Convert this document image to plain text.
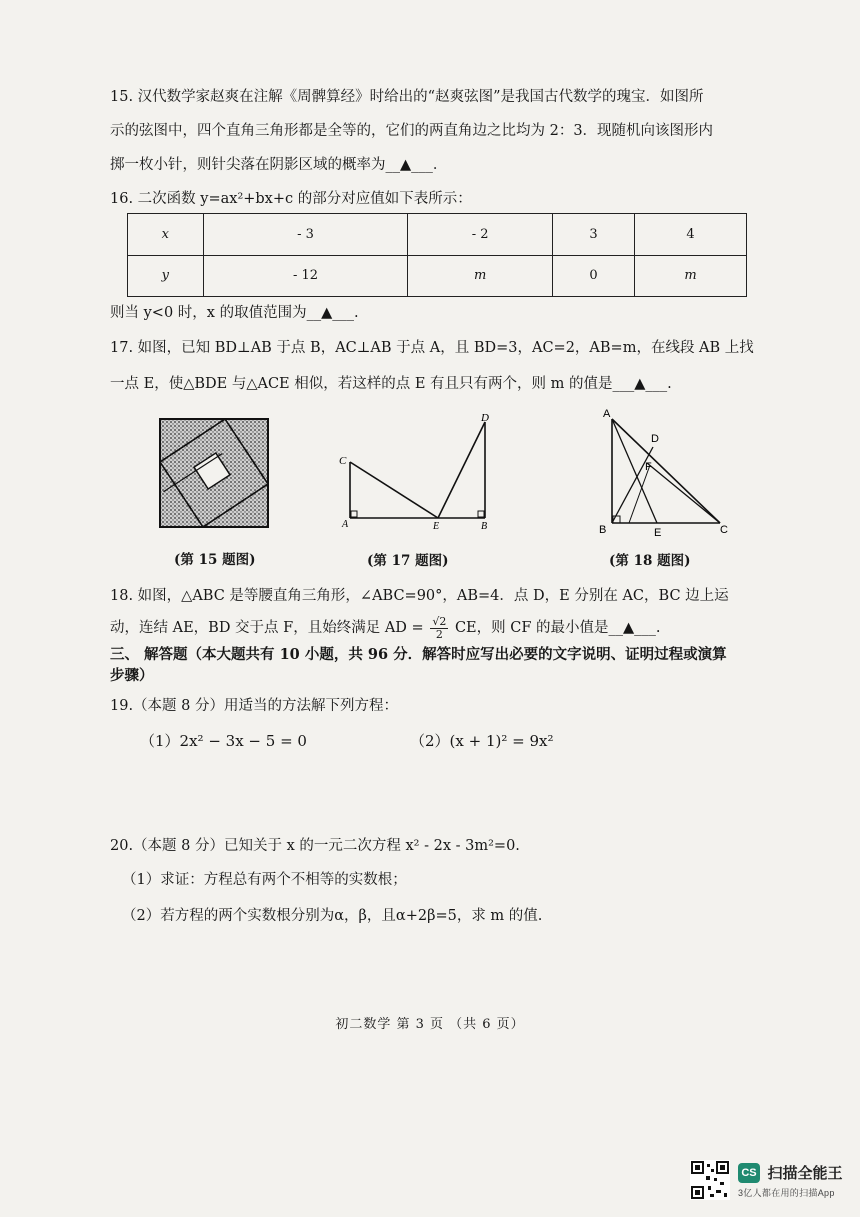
15. 汉代数学家赵爽在注解《周髀算经》时给出的“赵爽弦图”是我国古代数学的瑰宝．如图所
示的弦图中，四个直角三角形都是全等的，它们的两直角边之比均为 2：3．现随机向该图形内
掷一枚小针，则针尖落在阴影区域的概率为__▲___．
16. 二次函数 y=ax²+bx+c 的部分对应值如下表所示：
x	- 3	- 2	3	4
y	- 12	m	0	m
则当 y<0 时，x 的取值范围为__▲___.
17. 如图，已知 BD⊥AB 于点 B，AC⊥AB 于点 A，且 BD=3，AC=2，AB=m，在线段 AB 上找
一点 E，使△BDE 与△ACE 相似，若这样的点 E 有且只有两个，则 m 的值是___▲___.
(第 15 题图)
C
A	E	B
D
(第 17 题图)
A
D
F
B	E	C
(第 18 题图)
18. 如图，△ABC 是等腰直角三角形，∠ABC=90°，AB=4．点 D，E 分别在 AC，BC 边上运
动，连结 AE，BD 交于点 F，且始终满足 AD = $\frac{√2}{2}$ CE，则 CF 的最小值是__▲___.
三、 解答题（本大题共有 10 小题，共 96 分．解答时应写出必要的文字说明、证明过程或演算
步骤）
19.（本题 8 分）用适当的方法解下列方程：
（1）2x² − 3x − 5 = 0	（2）(x + 1)² = 9x²
20.（本题 8 分）已知关于 x 的一元二次方程 x² - 2x - 3m²=0.
（1）求证：方程总有两个不相等的实数根；
（2）若方程的两个实数根分别为α，β，且α+2β=5，求 m 的值.
初二数学 第 3 页 （共 6 页）
CS 扫描全能王
3亿人都在用的扫描App
